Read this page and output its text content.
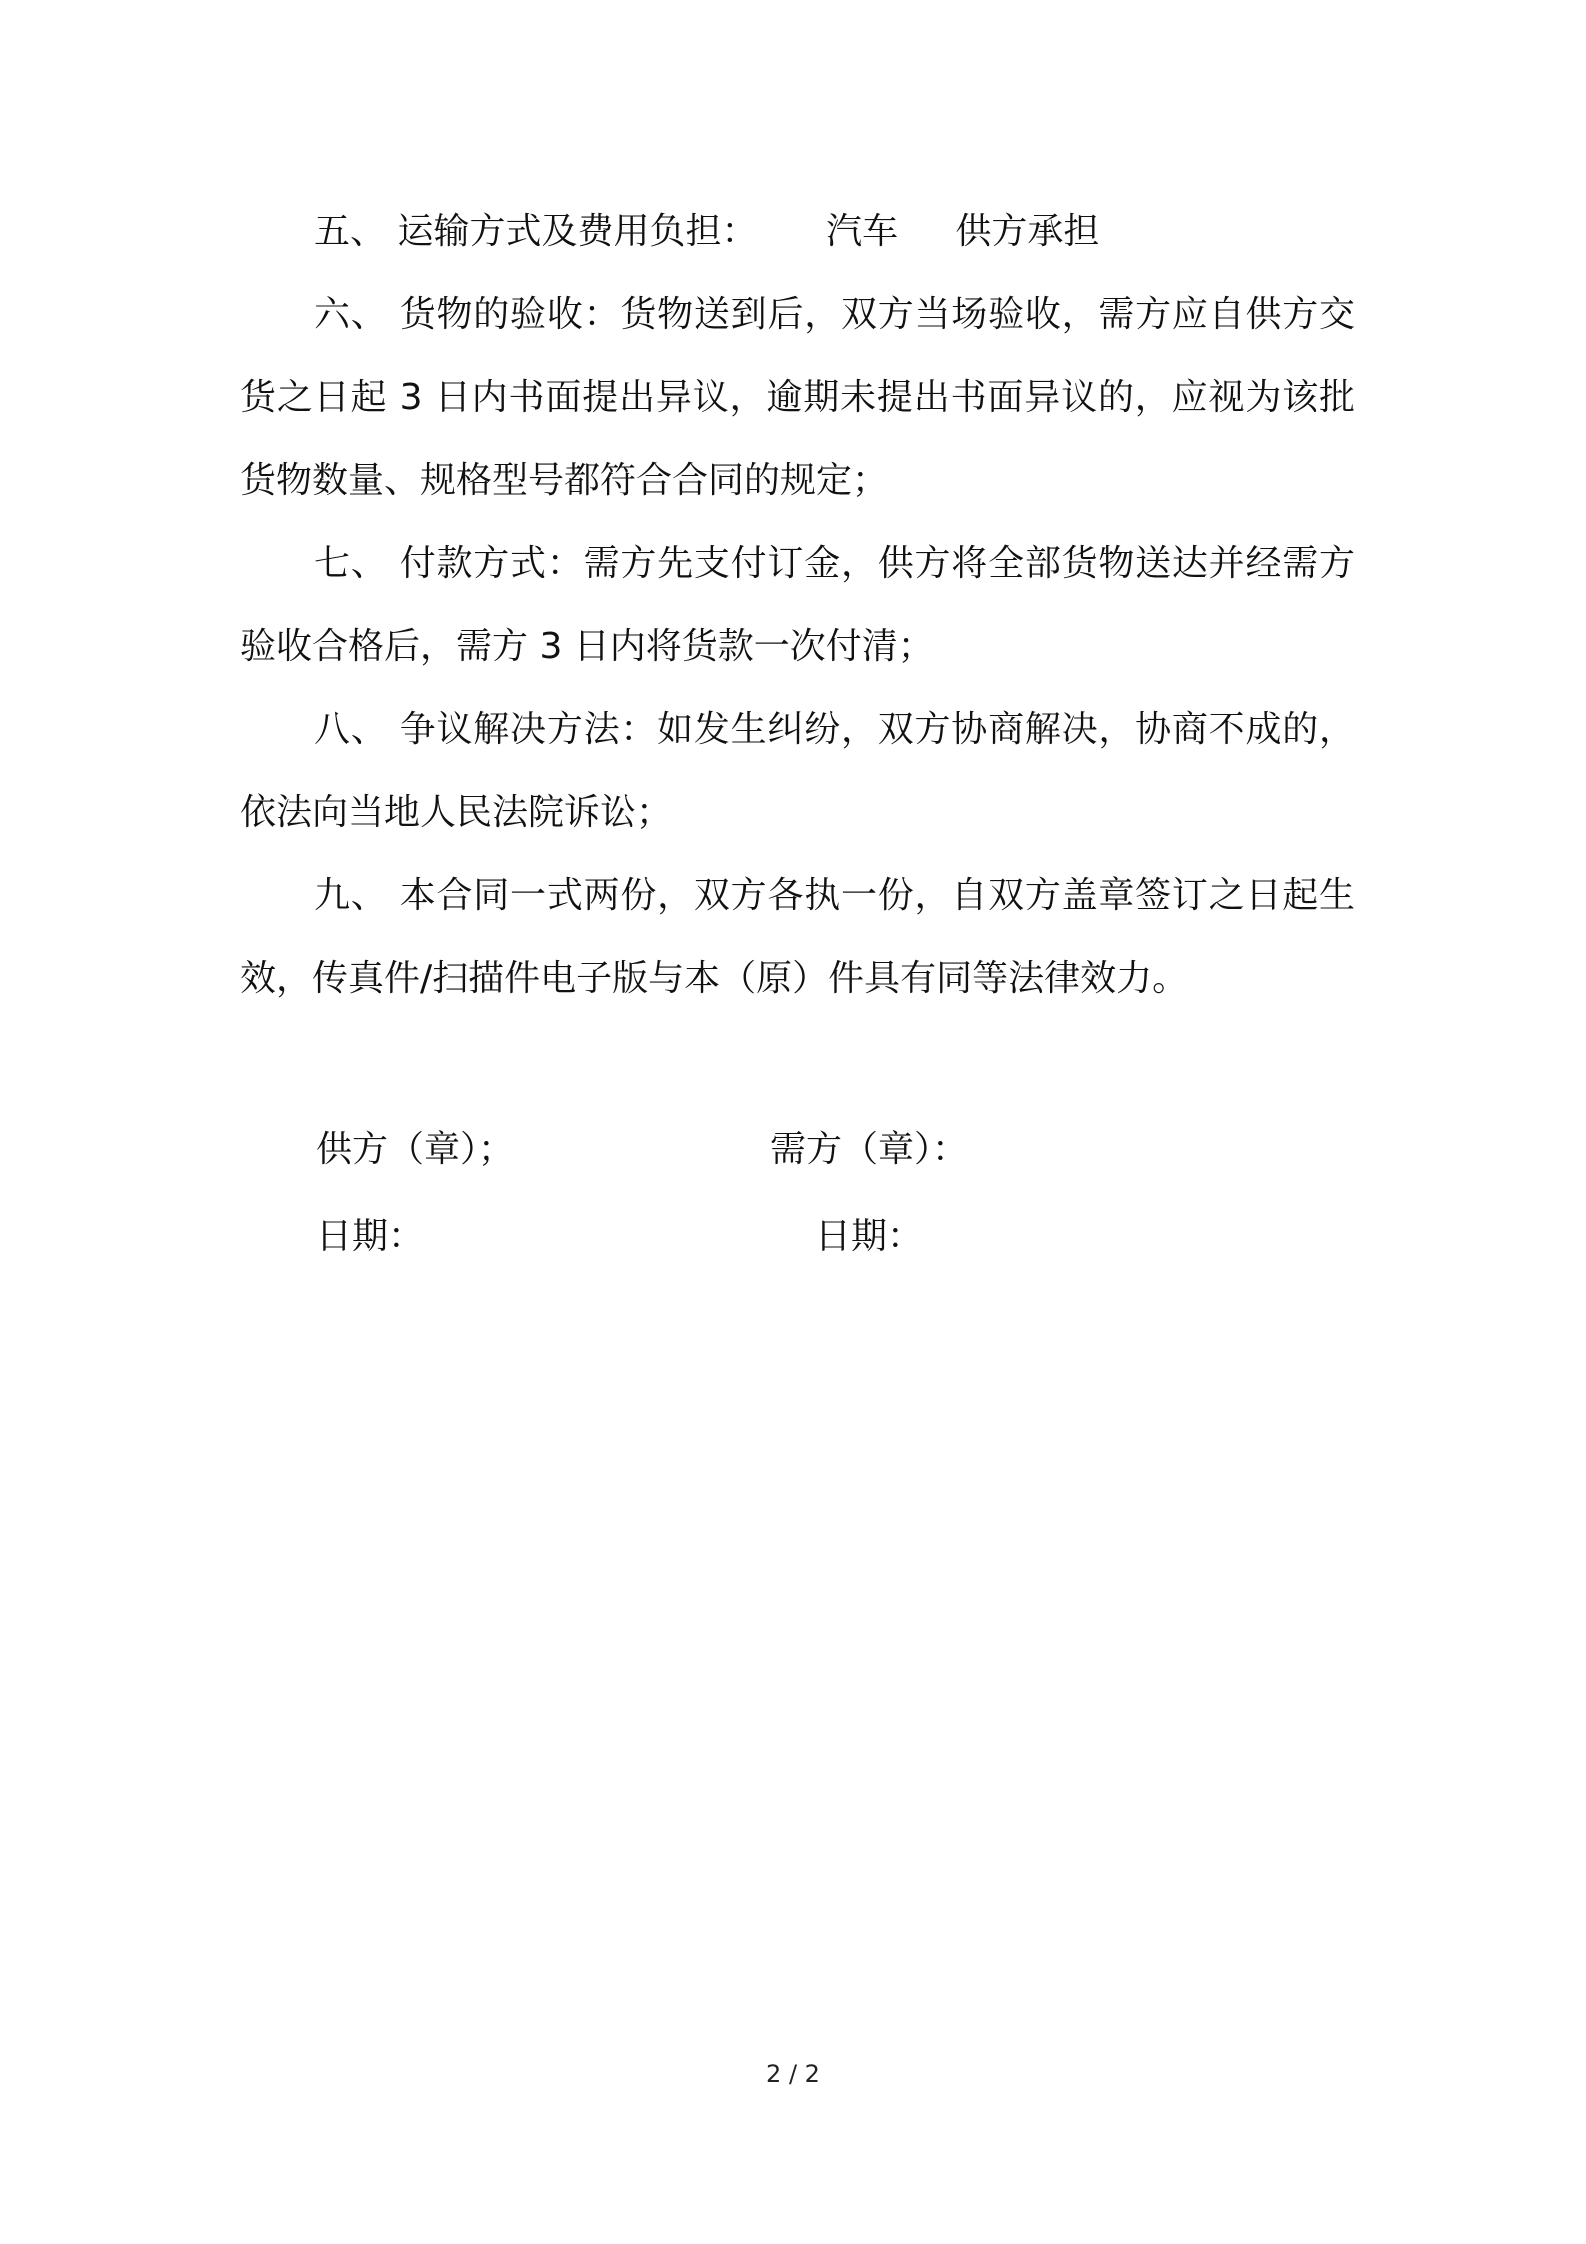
五、 运输方式及费用负担： 汽车 供方承担

六、 货物的验收：货物送到后，双方当场验收，需方应自供方交货之日起 3 日内书面提出异议，逾期未提出书面异议的，应视为该批货物数量、规格型号都符合合同的规定；

七、 付款方式：需方先支付订金，供方将全部货物送达并经需方验收合格后，需方 3 日内将货款一次付清；

八、 争议解决方法：如发生纠纷，双方协商解决，协商不成的，依法向当地人民法院诉讼；

九、 本合同一式两份，双方各执一份，自双方盖章签订之日起生效，传真件/扫描件电子版与本（原）件具有同等法律效力。

供方（章）；	需方（章）：
日期：	日期：
2 / 2
